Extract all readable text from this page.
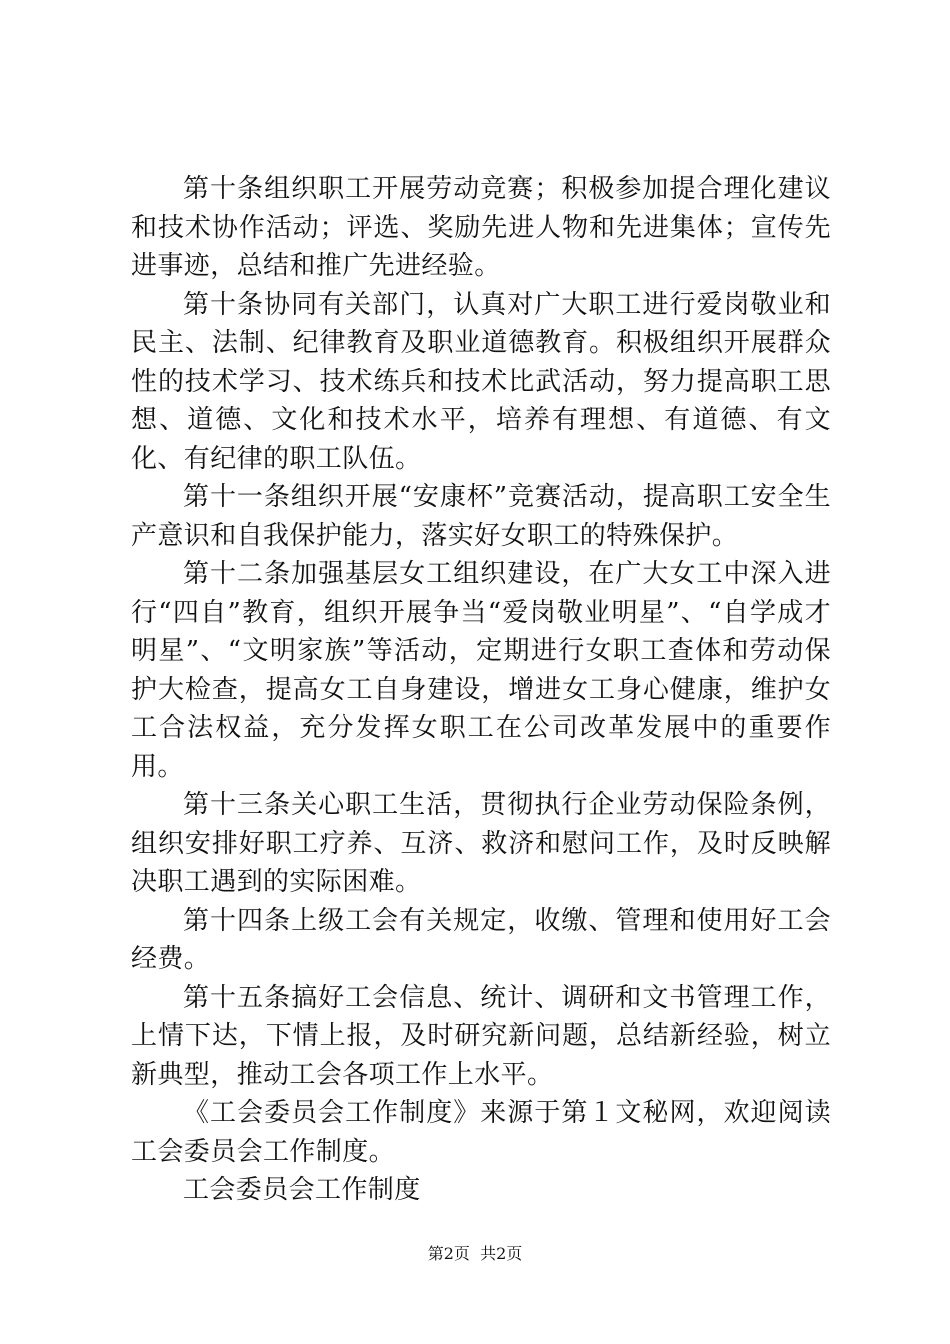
第十条组织职工开展劳动竞赛；积极参加提合理化建议和技术协作活动；评选、奖励先进人物和先进集体；宣传先进事迹，总结和推广先进经验。

第十条协同有关部门，认真对广大职工进行爱岗敬业和民主、法制、纪律教育及职业道德教育。积极组织开展群众性的技术学习、技术练兵和技术比武活动，努力提高职工思想、道德、文化和技术水平，培养有理想、有道德、有文化、有纪律的职工队伍。

第十一条组织开展“安康杯”竞赛活动，提高职工安全生产意识和自我保护能力，落实好女职工的特殊保护。

第十二条加强基层女工组织建设，在广大女工中深入进行“四自”教育，组织开展争当“爱岗敬业明星”、“自学成才明星”、“文明家族”等活动，定期进行女职工查体和劳动保护大检查，提高女工自身建设，增进女工身心健康，维护女工合法权益，充分发挥女职工在公司改革发展中的重要作用。

第十三条关心职工生活，贯彻执行企业劳动保险条例，组织安排好职工疗养、互济、救济和慰问工作，及时反映解决职工遇到的实际困难。

第十四条上级工会有关规定，收缴、管理和使用好工会经费。

第十五条搞好工会信息、统计、调研和文书管理工作，上情下达，下情上报，及时研究新问题，总结新经验，树立新典型，推动工会各项工作上水平。

《工会委员会工作制度》来源于第１文秘网，欢迎阅读工会委员会工作制度。

工会委员会工作制度

第2页  共2页
